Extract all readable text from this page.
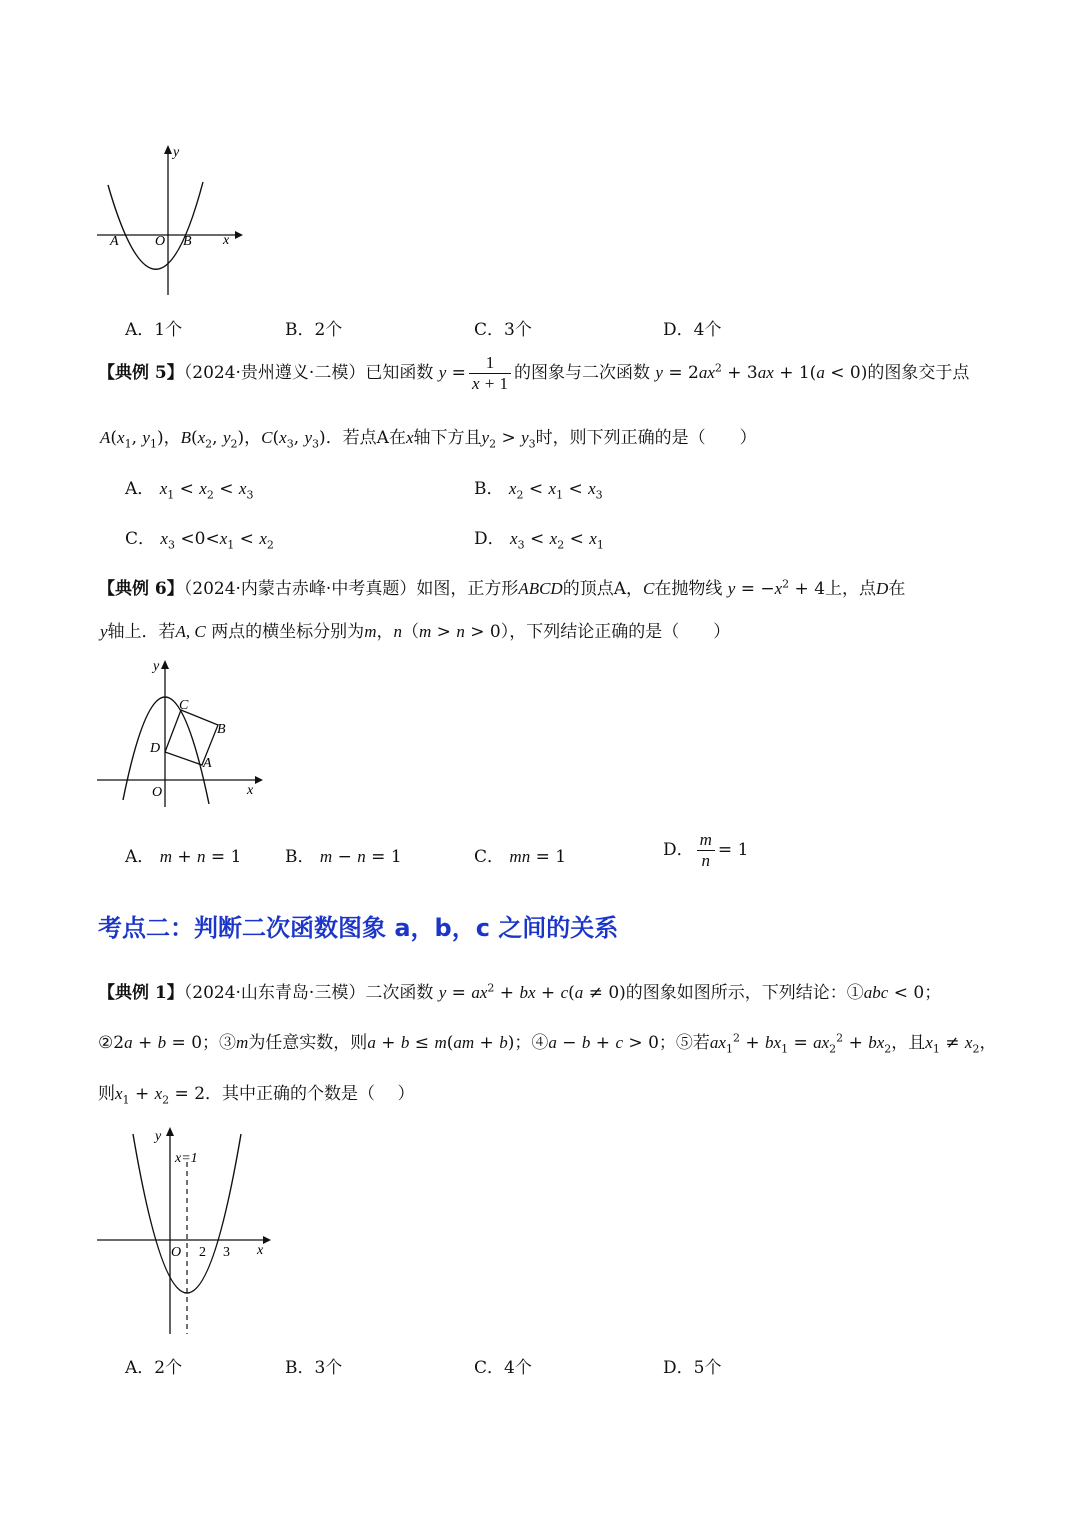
y
x
A	O B
A．1个	B．2个	C．3个	D．4个
【典例 5】（2024·贵州遵义·二模）已知函数 $y = \frac{1}{x + 1}$ 的图象与二次函数 $y = 2ax^2 + 3ax + 1(a < 0)$的图象交于点
$A(x_1$, $y_1$)，$B(x_2$, $y_2$)，$C(x_3$, $y_3$)．若点A在x轴下方且$y_2 > y_3$时，则下列正确的是（　　）
A． $x_1 < x_2 < x_3$	B． $x_2 < x_1 < x_3$
C． $x_3 <0<x_1 < x_2$	D． $x_3 < x_2 < x_1$
【典例 6】（2024·内蒙古赤峰·中考真题）如图，正方形ABCD的顶点A，C在抛物线 $y = -x^2 + 4$上，点D在
y轴上．若A, C 两点的横坐标分别为m，n（m > n > 0），下列结论正确的是（　　）
y
C
B
D
A
O	x
A． m + n = 1	B． m − n = 1	C． mn = 1	D． $\frac{m}{n} = 1$
考点二：判断二次函数图象 a，b，c 之间的关系
【典例 1】（2024·山东青岛·三模）二次函数 $y = ax^2$ + bx + c(a ≠ 0)的图象如图所示，下列结论：①abc < 0；
②2a + b = 0；③m为任意实数，则a + b ≤ m(am + b)；④a − b + c > 0；⑤若$ax_1^2 + bx_1 = ax_2^2 + bx_2$，且$x_1 \ne x_2$，
则$x_1 + x_2 = 2$．其中正确的个数是（　 ）
y
x=1
O 2 3 x
A．2个	B．3个	C．4个	D．5个
